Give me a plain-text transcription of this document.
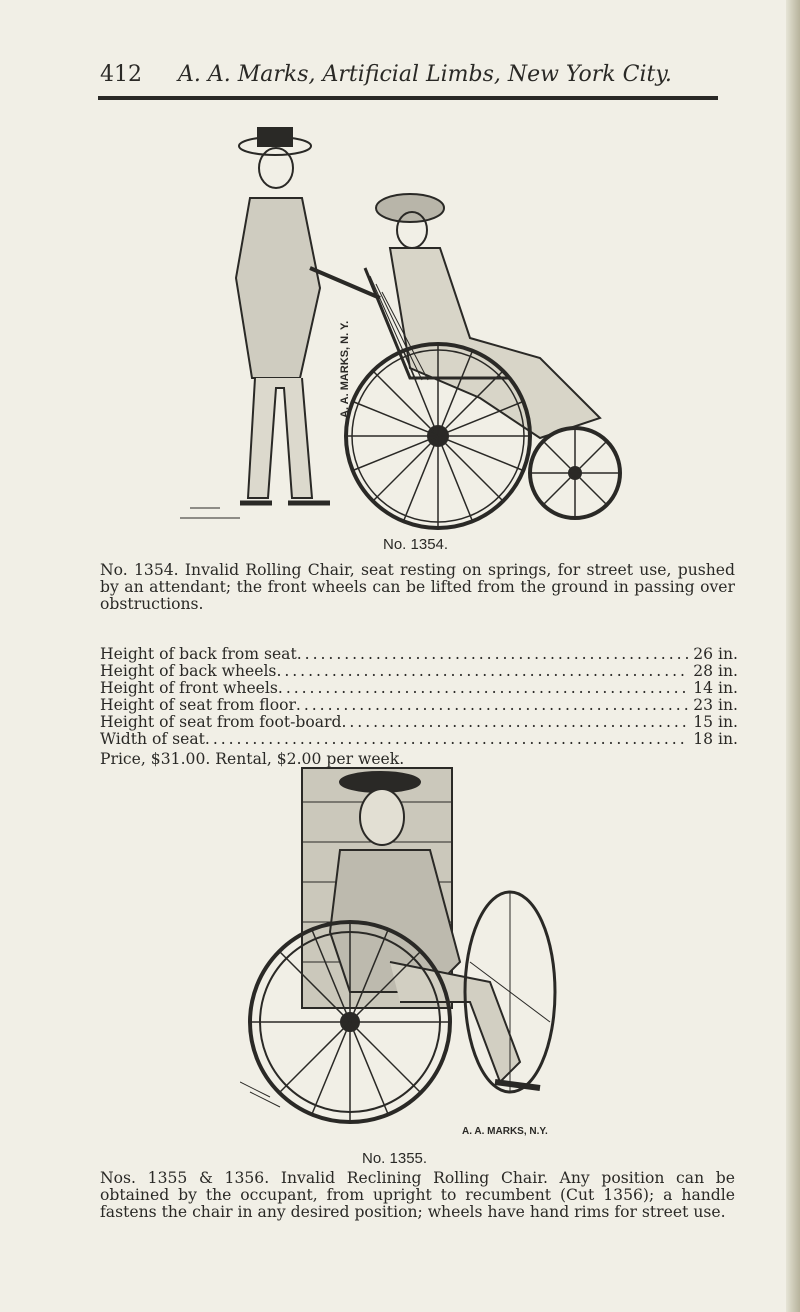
412 A. A. Marks, Artificial Limbs, New York City.
A. A. MARKS, N. Y.
No. 1354.

No. 1354. Invalid Rolling Chair, seat resting on springs, for street use, pushed by an attendant; the front wheels can be lifted from the ground in passing over obstructions.

Height of back from seat . . .	26 in.
Height of back wheels . . .	28 in.
Height of front wheels . . .	14 in.
Height of seat from floor . . .	23 in.
Height of seat from foot-board . . .	15 in.
Width of seat . . .	18 in.
Price, $31.00. Rental, $2.00 per week.
A. A. MARKS, N.Y.
No. 1355.

Nos. 1355 & 1356. Invalid Reclining Rolling Chair. Any position can be obtained by the occupant, from upright to recumbent (Cut 1356); a handle fastens the chair in any desired position; wheels have hand rims for street use.
